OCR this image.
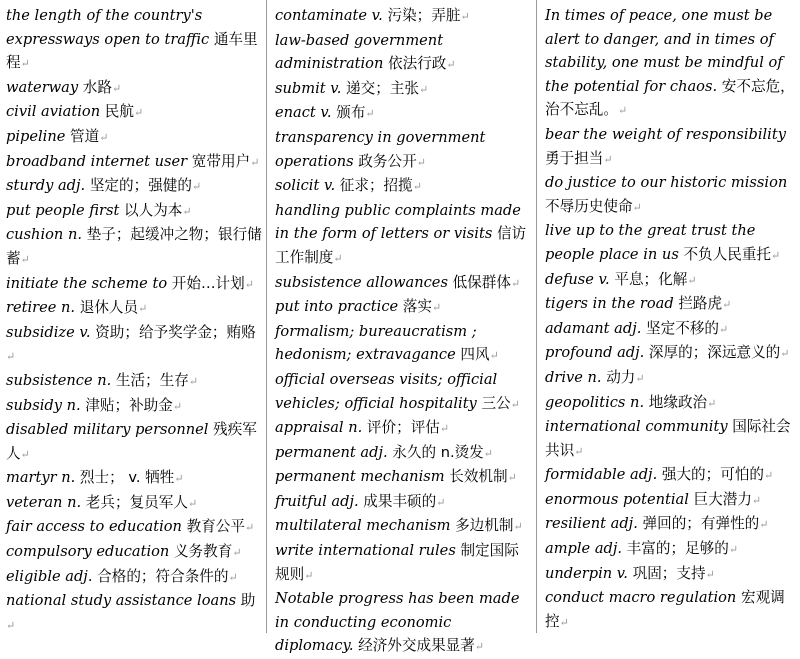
the length of the country's expressways open to traffic 通车里程↵

waterway 水路↵

civil aviation 民航↵

pipeline 管道↵

broadband internet user 宽带用户↵

sturdy adj. 坚定的；强健的↵

put people first 以人为本↵

cushion n. 垫子；起缓冲之物；银行储蓄↵

initiate the scheme to 开始…计划↵

retiree n. 退休人员↵

subsidize v. 资助；给予奖学金；贿赂↵

subsistence n. 生活；生存↵

subsidy n. 津贴；补助金↵

disabled military personnel 残疾军人↵

martyr n. 烈士； v. 牺牲↵

veteran n. 老兵；复员军人↵

fair access to education 教育公平↵

compulsory education 义务教育↵

eligible adj. 合格的；符合条件的↵

national study assistance loans 助↵

contaminate v. 污染；弄脏↵

law-based government administration 依法行政↵

submit v. 递交；主张↵

enact v. 颁布↵

transparency in government operations 政务公开↵

solicit v. 征求；招揽↵

handling public complaints made in the form of letters or visits 信访工作制度↵

subsistence allowances 低保群体↵

put into practice 落实↵

formalism; bureaucratism ; hedonism; extravagance 四风↵

official overseas visits; official vehicles; official hospitality 三公↵

appraisal n. 评价；评估↵

permanent adj. 永久的 n.烫发↵

permanent mechanism 长效机制↵

fruitful adj. 成果丰硕的↵

multilateral mechanism 多边机制↵

write international rules 制定国际规则↵

Notable progress has been made in conducting economic diplomacy. 经济外交成果显著↵

In times of peace, one must be alert to danger, and in times of stability, one must be mindful of the potential for chaos. 安不忘危，治不忘乱。↵

bear the weight of responsibility 勇于担当↵

do justice to our historic mission 不辱历史使命↵

live up to the great trust the people place in us 不负人民重托↵

defuse v. 平息；化解↵

tigers in the road 拦路虎↵

adamant adj. 坚定不移的↵

profound adj. 深厚的；深远意义的↵

drive n. 动力↵

geopolitics n. 地缘政治↵

international community 国际社会共识↵

formidable adj. 强大的；可怕的↵

enormous potential 巨大潜力↵

resilient adj. 弹回的；有弹性的↵

ample adj. 丰富的；足够的↵

underpin v. 巩固；支持↵

conduct macro regulation 宏观调控↵
